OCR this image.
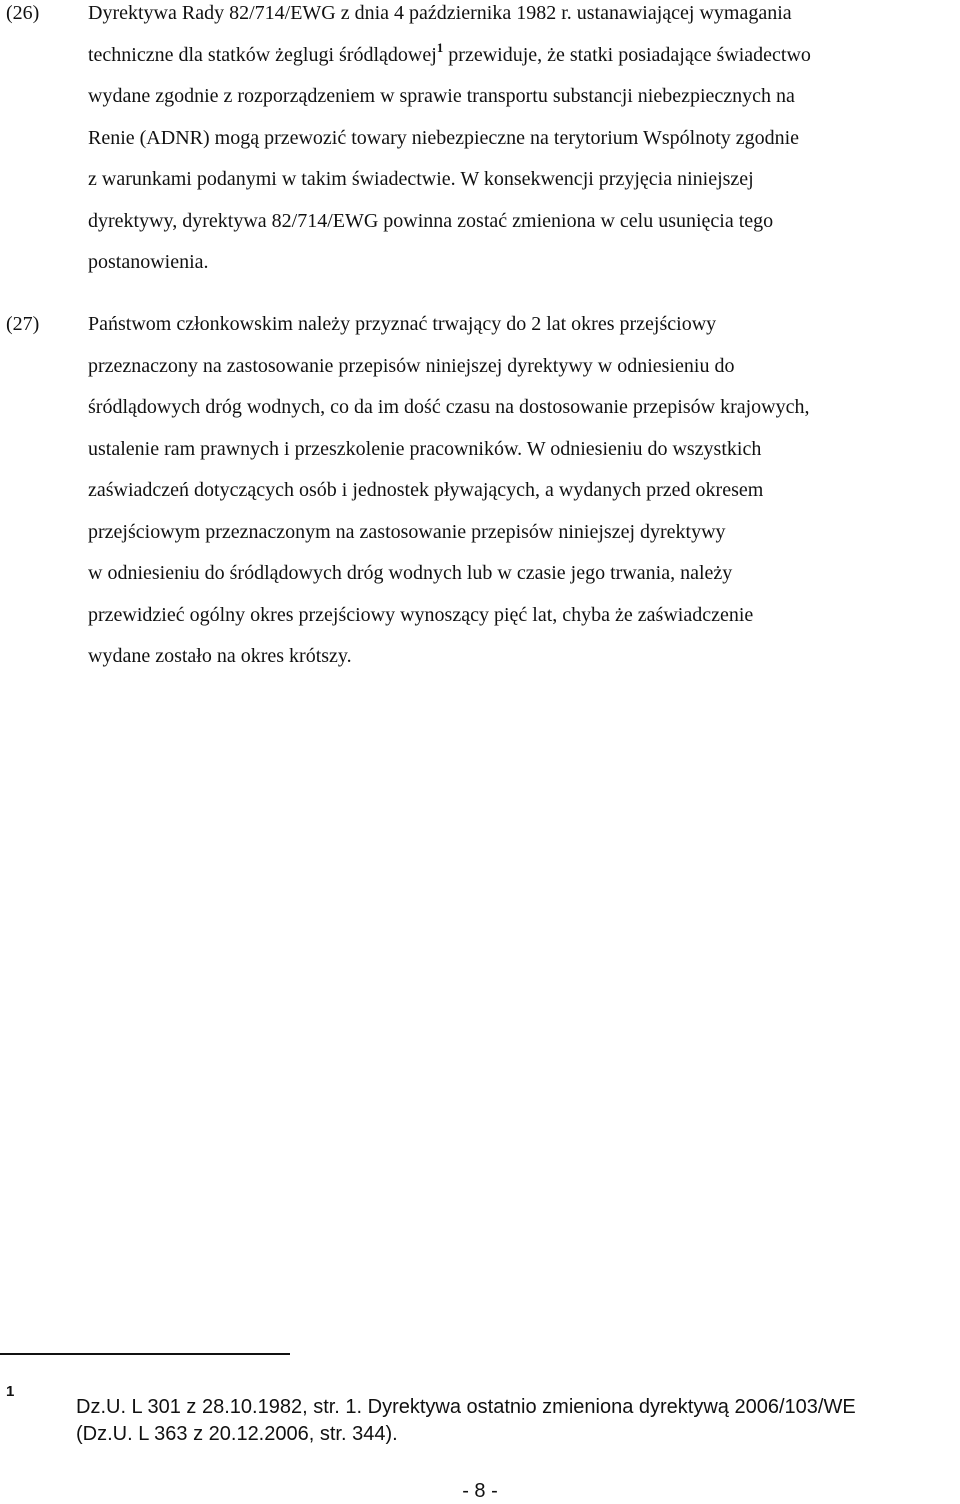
(26) Dyrektywa Rady 82/714/EWG z dnia 4 października 1982 r. ustanawiającej wymagania
techniczne dla statków żeglugi śródlądowej$^1$ przewiduje, że statki posiadające świadectwo
wydane zgodnie z rozporządzeniem w sprawie transportu substancji niebezpiecznych na
Renie (ADNR) mogą przewozić towary niebezpieczne na terytorium Wspólnoty zgodnie
z warunkami podanymi w takim świadectwie. W konsekwencji przyjęcia niniejszej
dyrektywy, dyrektywa 82/714/EWG powinna zostać zmieniona w celu usunięcia tego
postanowienia.
(27) Państwom członkowskim należy przyznać trwający do 2 lat okres przejściowy
przeznaczony na zastosowanie przepisów niniejszej dyrektywy w odniesieniu do
śródlądowych dróg wodnych, co da im dość czasu na dostosowanie przepisów krajowych,
ustalenie ram prawnych i przeszkolenie pracowników. W odniesieniu do wszystkich
zaświadczeń dotyczących osób i jednostek pływających, a wydanych przed okresem
przejściowym przeznaczonym na zastosowanie przepisów niniejszej dyrektywy
w odniesieniu do śródlądowych dróg wodnych lub w czasie jego trwania, należy
przewidzieć ogólny okres przejściowy wynoszący pięć lat, chyba że zaświadczenie
wydane zostało na okres krótszy.
1
Dz.U. L 301 z 28.10.1982, str. 1. Dyrektywa ostatnio zmieniona dyrektywą 2006/103/WE
(Dz.U. L 363 z 20.12.2006, str. 344).
- 8 -
